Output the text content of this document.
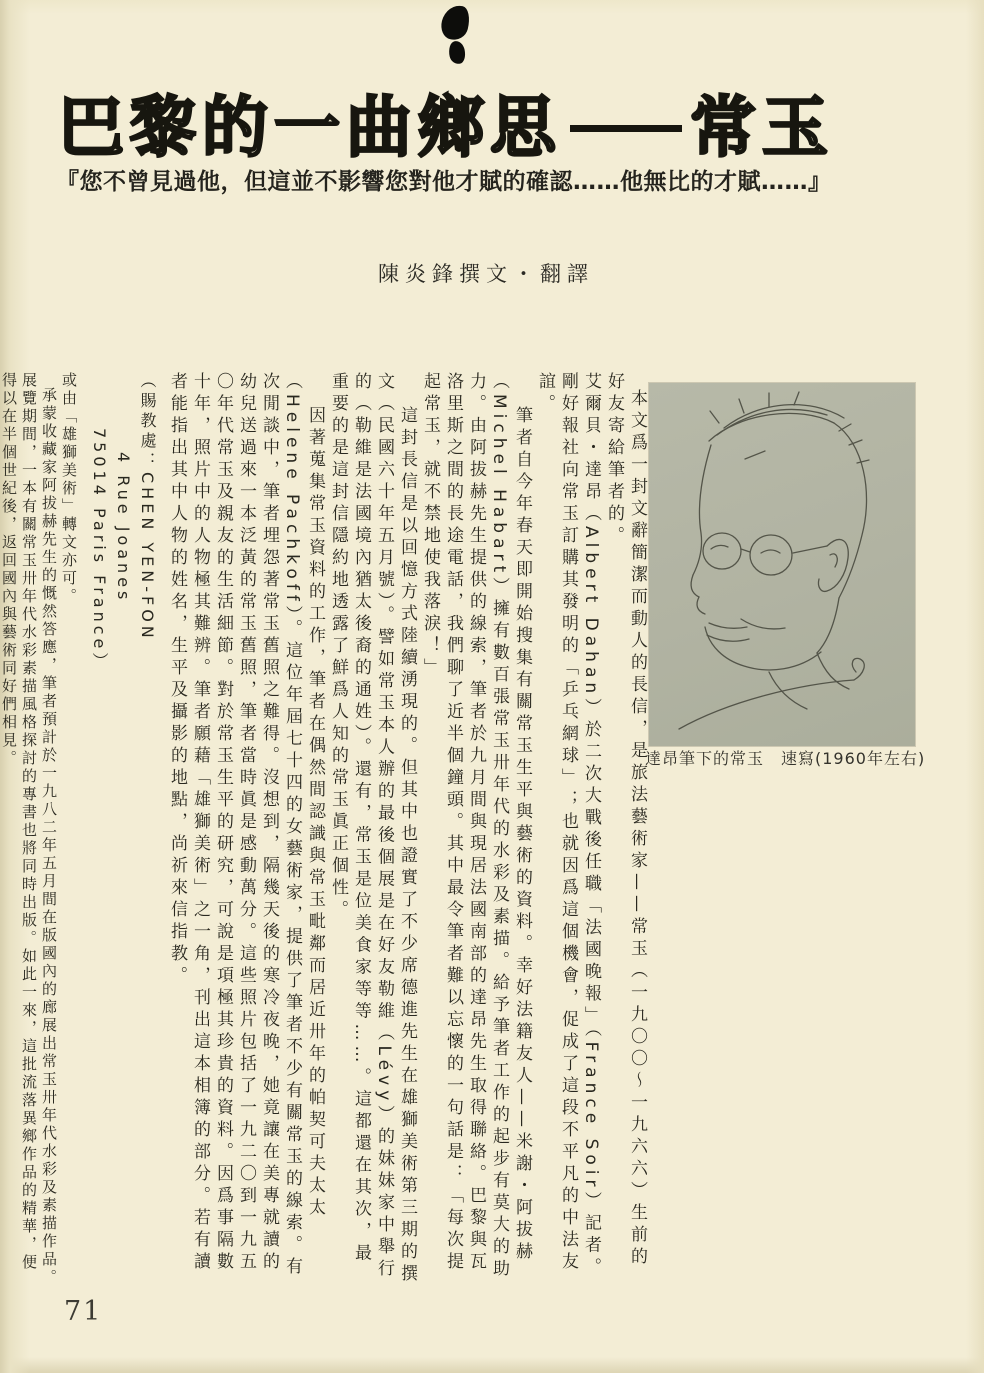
巴黎的一曲鄉思 常玉
『您不曾見過他，但這並不影響您對他才賦的確認……他無比的才賦……』
陳炎鋒撰文・翻譯
達昂筆下的常玉　速寫(1960年左右)

本文爲一封文辭簡潔而動人的長信，是旅法藝術家——常玉（一九〇〇～一九六六）生前的好友寄給筆者的。

艾爾貝・達昂（Albert Dahan）於二次大戰後任職「法國晚報」（France Soir）記者。剛好報社向常玉訂購其發明的「乒乓網球」；也就因爲這個機會，促成了這段不平凡的中法友誼。

筆者自今年春天即開始搜集有關常玉生平與藝術的資料。幸好法籍友人——米謝・阿拔赫（Michel Habart）擁有數百張常玉卅年代的水彩及素描。給予筆者工作的起步有莫大的助力。由阿拔赫先生提供的線索，筆者於九月間與現居法國南部的達昂先生取得聯絡。巴黎與瓦洛里斯之間的長途電話，我們聊了近半個鐘頭。其中最令筆者難以忘懷的一句話是：「每次提起常玉，就不禁地使我落淚！」

這封長信是以回憶方式陸續湧現的。但其中也證實了不少席德進先生在雄獅美術第三期的撰文（民國六十年五月號）。譬如常玉本人辦的最後個展是在好友勒維（Lévy）的妹妹家中舉行的（勒維是法國境內猶太後裔的通姓）。還有，常玉是位美食家等等……。這都還在其次，最重要的是這封信隱約地透露了鮮爲人知的常玉眞正個性。

因著蒐集常玉資料的工作，筆者在偶然間認識與常玉毗鄰而居近卅年的帕契可夫太太（Helene Pachkoff）。這位年屆七十四的女藝術家，提供了筆者不少有關常玉的線索。有次閒談中，筆者埋怨著常玉舊照之難得。沒想到，隔幾天後的寒冷夜晚，她竟讓在美專就讀的幼兒送過來一本泛黃的常玉舊照，筆者當時眞是感動萬分。這些照片包括了一九二〇到一九五〇年代常玉及親友的生活細節。對於常玉生平的研究，可說是項極其珍貴的資料。因爲事隔數十年，照片中的人物極其難辨。筆者願藉「雄獅美術」之一角，刊出這本相簿的部分。若有讀者能指出其中人物的姓名，生平及攝影的地點，尚祈來信指教。

（賜教處：CHEN YEN-FON

4 Rue Joanes

75014 Paris France）

或由「雄獅美術」轉文亦可。

承蒙收藏家阿拔赫先生的慨然答應，筆者預計於一九八二年五月間在版國內的廊展出常玉卅年代水彩及素描作品。展覽期間，一本有關常玉卅年代水彩素描風格探討的專書也將同時出版。如此一來，這批流落異鄉作品的精華，便得以在半個世紀後，返回國內與藝術同好們相見。

71
